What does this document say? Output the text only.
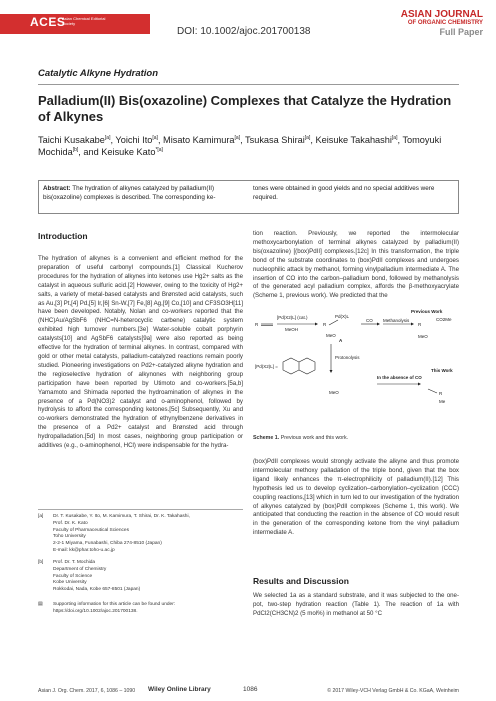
ACES
Asian Chemical Editorial Society
DOI: 10.1002/ajoc.201700138
ASIAN JOURNAL
OF ORGANIC CHEMISTRY
Full Paper
Catalytic Alkyne Hydration
Palladium(II) Bis(oxazoline) Complexes that Catalyze the Hydration of Alkynes
Taichi Kusakabe[a], Yoichi Ito[a], Misato Kamimura[a], Tsukasa Shirai[a], Keisuke Takahashi[a], Tomoyuki Mochida[b], and Keisuke Kato$^{*[a]}$
Abstract: The hydration of alkynes catalyzed by palladium(II) bis(oxazoline) complexes is described. The corresponding ke-
tones were obtained in good yields and no special additives were required.
Introduction
The hydration of alkynes is a convenient and efficient method for the preparation of useful carbonyl compounds.[1] Classical Kucherov procedures for the hydration of alkynes into ketones use Hg2+ salts as the catalyst in aqueous sulfuric acid.[2] However, owing to the toxicity of Hg2+ salts, a variety of metal-based catalysts and Brønsted acid catalysts, such as Au,[3] Pt,[4] Pd,[5] Ir,[6] Sn-W,[7] Fe,[8] Ag,[9] Co,[10] and CF3SO3H[11] have been developed. Notably, Nolan and co-workers reported that the (NHC)Au/AgSbF6 (NHC=N-heterocyclic carbene) catalytic system exhibited high turnover numbers.[3e] Water-soluble cobalt porphyrin catalysts[10] and AgSbF6 catalysts[9a] were also reported as being effective for the hydration of terminal alkynes. In contrast, compared with gold or other metal catalysts, palladium-catalyzed reactions remain poorly studied. Pioneering investigations on Pd2+-catalyzed alkyne hydration and the regioselective hydration of alkynones with neighboring group participation have been reported by Utimoto and co-workers.[5a,b] Yamamoto and Shimada reported the hydroamination of alkynes in the presence of a Pd(NO3)2 catalyst and o-aminophenol, followed by hydrolysis to afford the corresponding ketones.[5c] Subsequently, Xu and co-workers demonstrated the hydration of ethynylbenzene derivatives in the presence of a Pd2+ catalyst and Brønsted acid through hydropalladation.[5d] In most cases, neighboring group participation or additives (e.g., o-aminophenol, HCl) were indispensable for the hydra-
tion reaction. Previously, we reported the intermolecular methoxycarbonylation of terminal alkynes catalyzed by palladium(II) bis(oxazoline) [(box)PdII] complexes.[12c] In this transformation, the triple bond of the substrate coordinates to (box)PdII complexes and undergoes nucleophilic attack by methanol, forming vinylpalladium intermediate A. The insertion of CO into the carbon–palladium bond, followed by methanolysis of the generated acyl palladium complex, affords the β-methoxyacrylate (Scheme 1, previous work). We predicted that the
Previous Work
R
[Pd(X2)L] (cat.)
MeOH
R
Pd(X)L
MeO
A
CO Methanolysis
R
CO2Me
MeO
Protonolysis
[Pd(X2)L] =
In the absence of CO
This Work
MeO	R
Me
Scheme 1. Previous work and this work.
(box)PdII complexes would strongly activate the alkyne and thus promote intermolecular methoxy palladation of the triple bond, given that the box ligand likely enhances the π-electrophilicity of palladium(II).[12] This hypothesis led us to develop cyclization–carbonylation–cyclization (CCC) coupling reactions,[13] which in turn led to our investigation of the hydration of alkynes catalyzed by (box)PdII complexes (Scheme 1, this work). We anticipated that conducting the reaction in the absence of CO would result in the generation of the corresponding ketone from the vinyl palladium intermediate A.
Results and Discussion
We selected 1a as a standard substrate, and it was subjected to the one-pot, two-step hydration reaction (Table 1). The reaction of 1a with PdCl2(CH3CN)2 (5 mol%) in methanol at 50 °C
[a] Dr. T. Kusakabe, Y. Ito, M. Kamimura, T. Shirai, Dr. K. Takahashi,
Prof. Dr. K. Kato
Faculty of Pharmaceutical Sciences
Toho University
2-2-1 Miyama, Funabashi, Chiba 274-8510 (Japan)
E-mail: kk@phar.toho-u.ac.jp
[b] Prof. Dr. T. Mochida
Department of Chemistry
Faculty of Science
Kobe University
Rokkodai, Nada, Kobe 657-8501 (Japan)
▤ Supporting information for this article can be found under: https://doi.org/10.1002/ajoc.201700138.
Asian J. Org. Chem. 2017, 6, 1086 – 1090 Wiley Online Library	1086	© 2017 Wiley-VCH Verlag GmbH & Co. KGaA, Weinheim
